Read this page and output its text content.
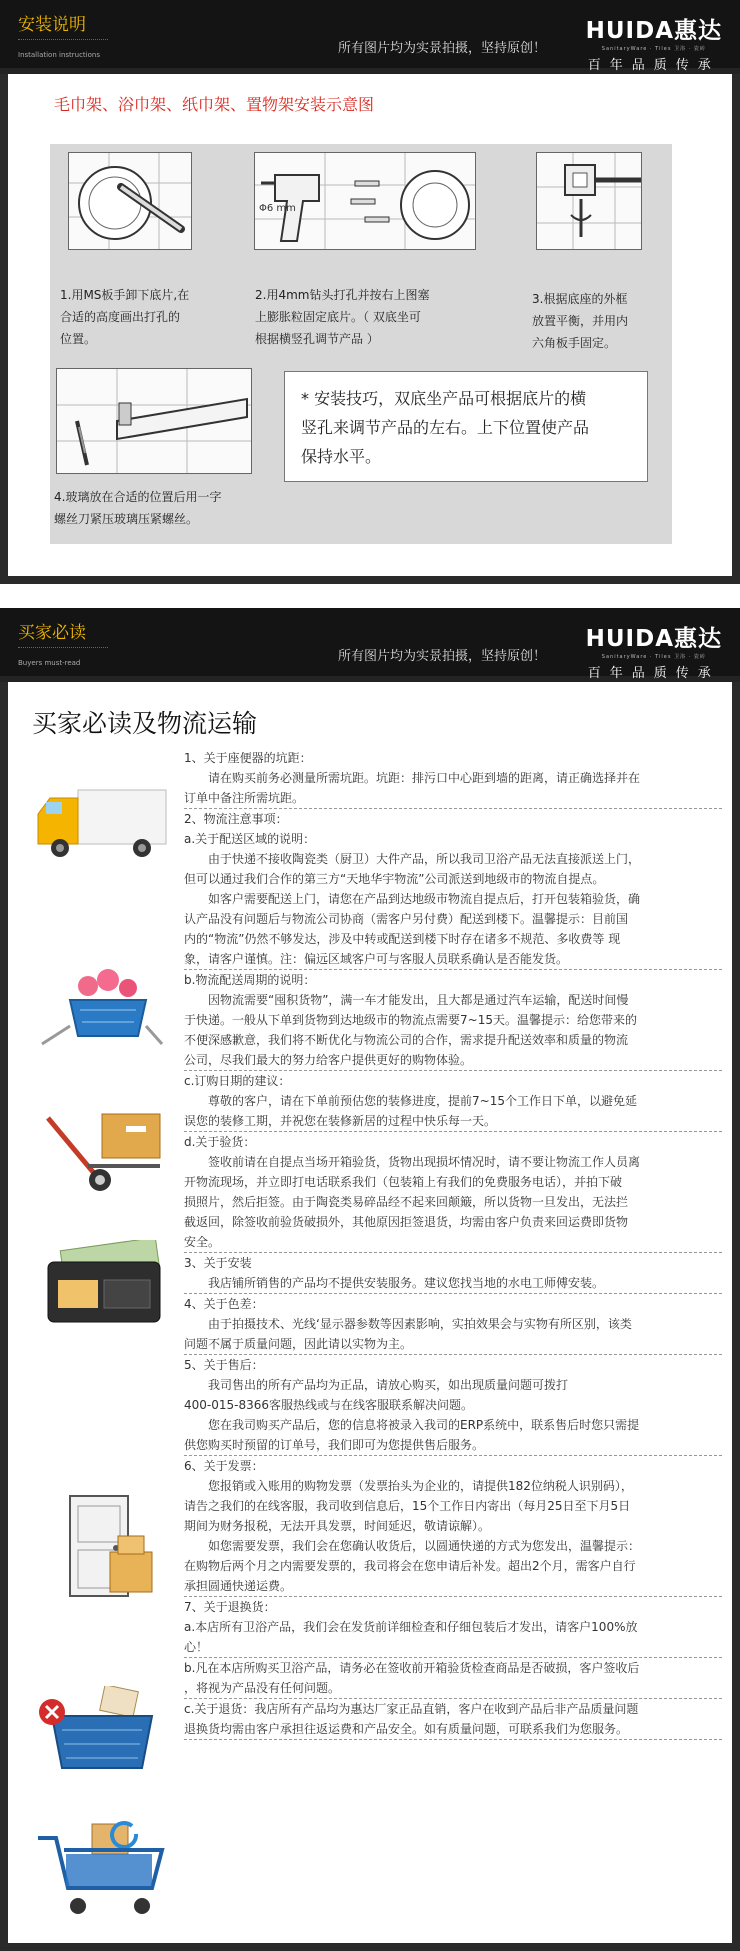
安装说明
Installation instructions	所有图片均为实景拍摄，坚持原创！
HUIDA惠达
SanitaryWare · Tiles 卫浴 · 瓷砖
百年品质传承
毛巾架、浴巾架、纸巾架、置物架安装示意图
Φ6 mm
1.用MS板手卸下底片,在
合适的高度画出打孔的
位置。
2.用4mm钻头打孔并按右上图塞
上膨胀粒固定底片。（ 双底坐可
根据横竖孔调节产品 ）
3.根据底座的外框
放置平衡，并用内
六角板手固定。
4.玻璃放在合适的位置后用一字
螺丝刀紧压玻璃压紧螺丝。
* 安装技巧，双底坐产品可根据底片的横
竖孔来调节产品的左右。上下位置使产品
保持水平。
买家必读
Buyers must-read	所有图片均为实景拍摄，坚持原创！
HUIDA惠达
SanitaryWare · Tiles 卫浴 · 瓷砖
百年品质传承
买家必读及物流运输
1、关于座便器的坑距：
请在购买前务必测量所需坑距。坑距：排污口中心距到墙的距离，请正确选择并在
订单中备注所需坑距。
2、物流注意事项：
a.关于配送区域的说明：
由于快递不接收陶瓷类（厨卫）大件产品，所以我司卫浴产品无法直接派送上门，
但可以通过我们合作的第三方“天地华宇物流”公司派送到地级市的物流自提点。
如客户需要配送上门，请您在产品到达地级市物流自提点后，打开包装箱验货，确
认产品没有问题后与物流公司协商（需客户另付费）配送到楼下。温馨提示：目前国
内的“物流”仍然不够发达，涉及中转或配送到楼下时存在诸多不规范、多收费等 现
象，请客户谨慎。注：偏远区域客户可与客服人员联系确认是否能发货。
b.物流配送周期的说明：
因物流需要“囤积货物”，满一车才能发出，且大都是通过汽车运输，配送时间慢
于快递。一般从下单到货物到达地级市的物流点需要7~15天。温馨提示：给您带来的
不便深感歉意，我们将不断优化与物流公司的合作，需求提升配送效率和质量的物流
公司，尽我们最大的努力给客户提供更好的购物体验。
c.订购日期的建议：
尊敬的客户，请在下单前预估您的装修进度，提前7~15个工作日下单，以避免延
误您的装修工期，并祝您在装修新居的过程中快乐每一天。
d.关于验货：
签收前请在自提点当场开箱验货，货物出现损坏情况时，请不要让物流工作人员离
开物流现场，并立即打电话联系我们（包装箱上有我们的免费服务电话），并拍下破
损照片，然后拒签。由于陶瓷类易碎品经不起来回颠簸，所以货物一旦发出，无法拦
截返回，除签收前验货破损外，其他原因拒签退货，均需由客户负责来回运费即货物
安全。
3、关于安装
我店铺所销售的产品均不提供安装服务。建议您找当地的水电工师傅安装。
4、关于色差：
由于拍摄技术、光线‘显示器参数等因素影响，实拍效果会与实物有所区别，该类
问题不属于质量问题，因此请以实物为主。
5、关于售后：
我司售出的所有产品均为正品，请放心购买，如出现质量问题可拨打
400-015-8366客服热线或与在线客服联系解决问题。
您在我司购买产品后，您的信息将被录入我司的ERP系统中，联系售后时您只需提
供您购买时预留的订单号，我们即可为您提供售后服务。
6、关于发票：
您报销或入账用的购物发票（发票抬头为企业的，请提供182位纳税人识别码），
请告之我们的在线客服，我司收到信息后，15个工作日内寄出（每月25日至下月5日
期间为财务报税，无法开具发票，时间延迟，敬请谅解）。
如您需要发票，我们会在您确认收货后，以圆通快递的方式为您发出，温馨提示：
在购物后两个月之内需要发票的，我司将会在您申请后补发。超出2个月，需客户自行
承担圆通快递运费。
7、关于退换货：
a.本店所有卫浴产品，我们会在发货前详细检查和仔细包装后才发出，请客户100%放
心！
b.凡在本店所购买卫浴产品，请务必在签收前开箱验货检查商品是否破损，客户签收后
，将视为产品没有任何问题。
c.关于退货：我店所有产品均为惠达厂家正品直销，客户在收到产品后非产品质量问题
退换货均需由客户承担往返运费和产品安全。如有质量问题，可联系我们为您服务。
